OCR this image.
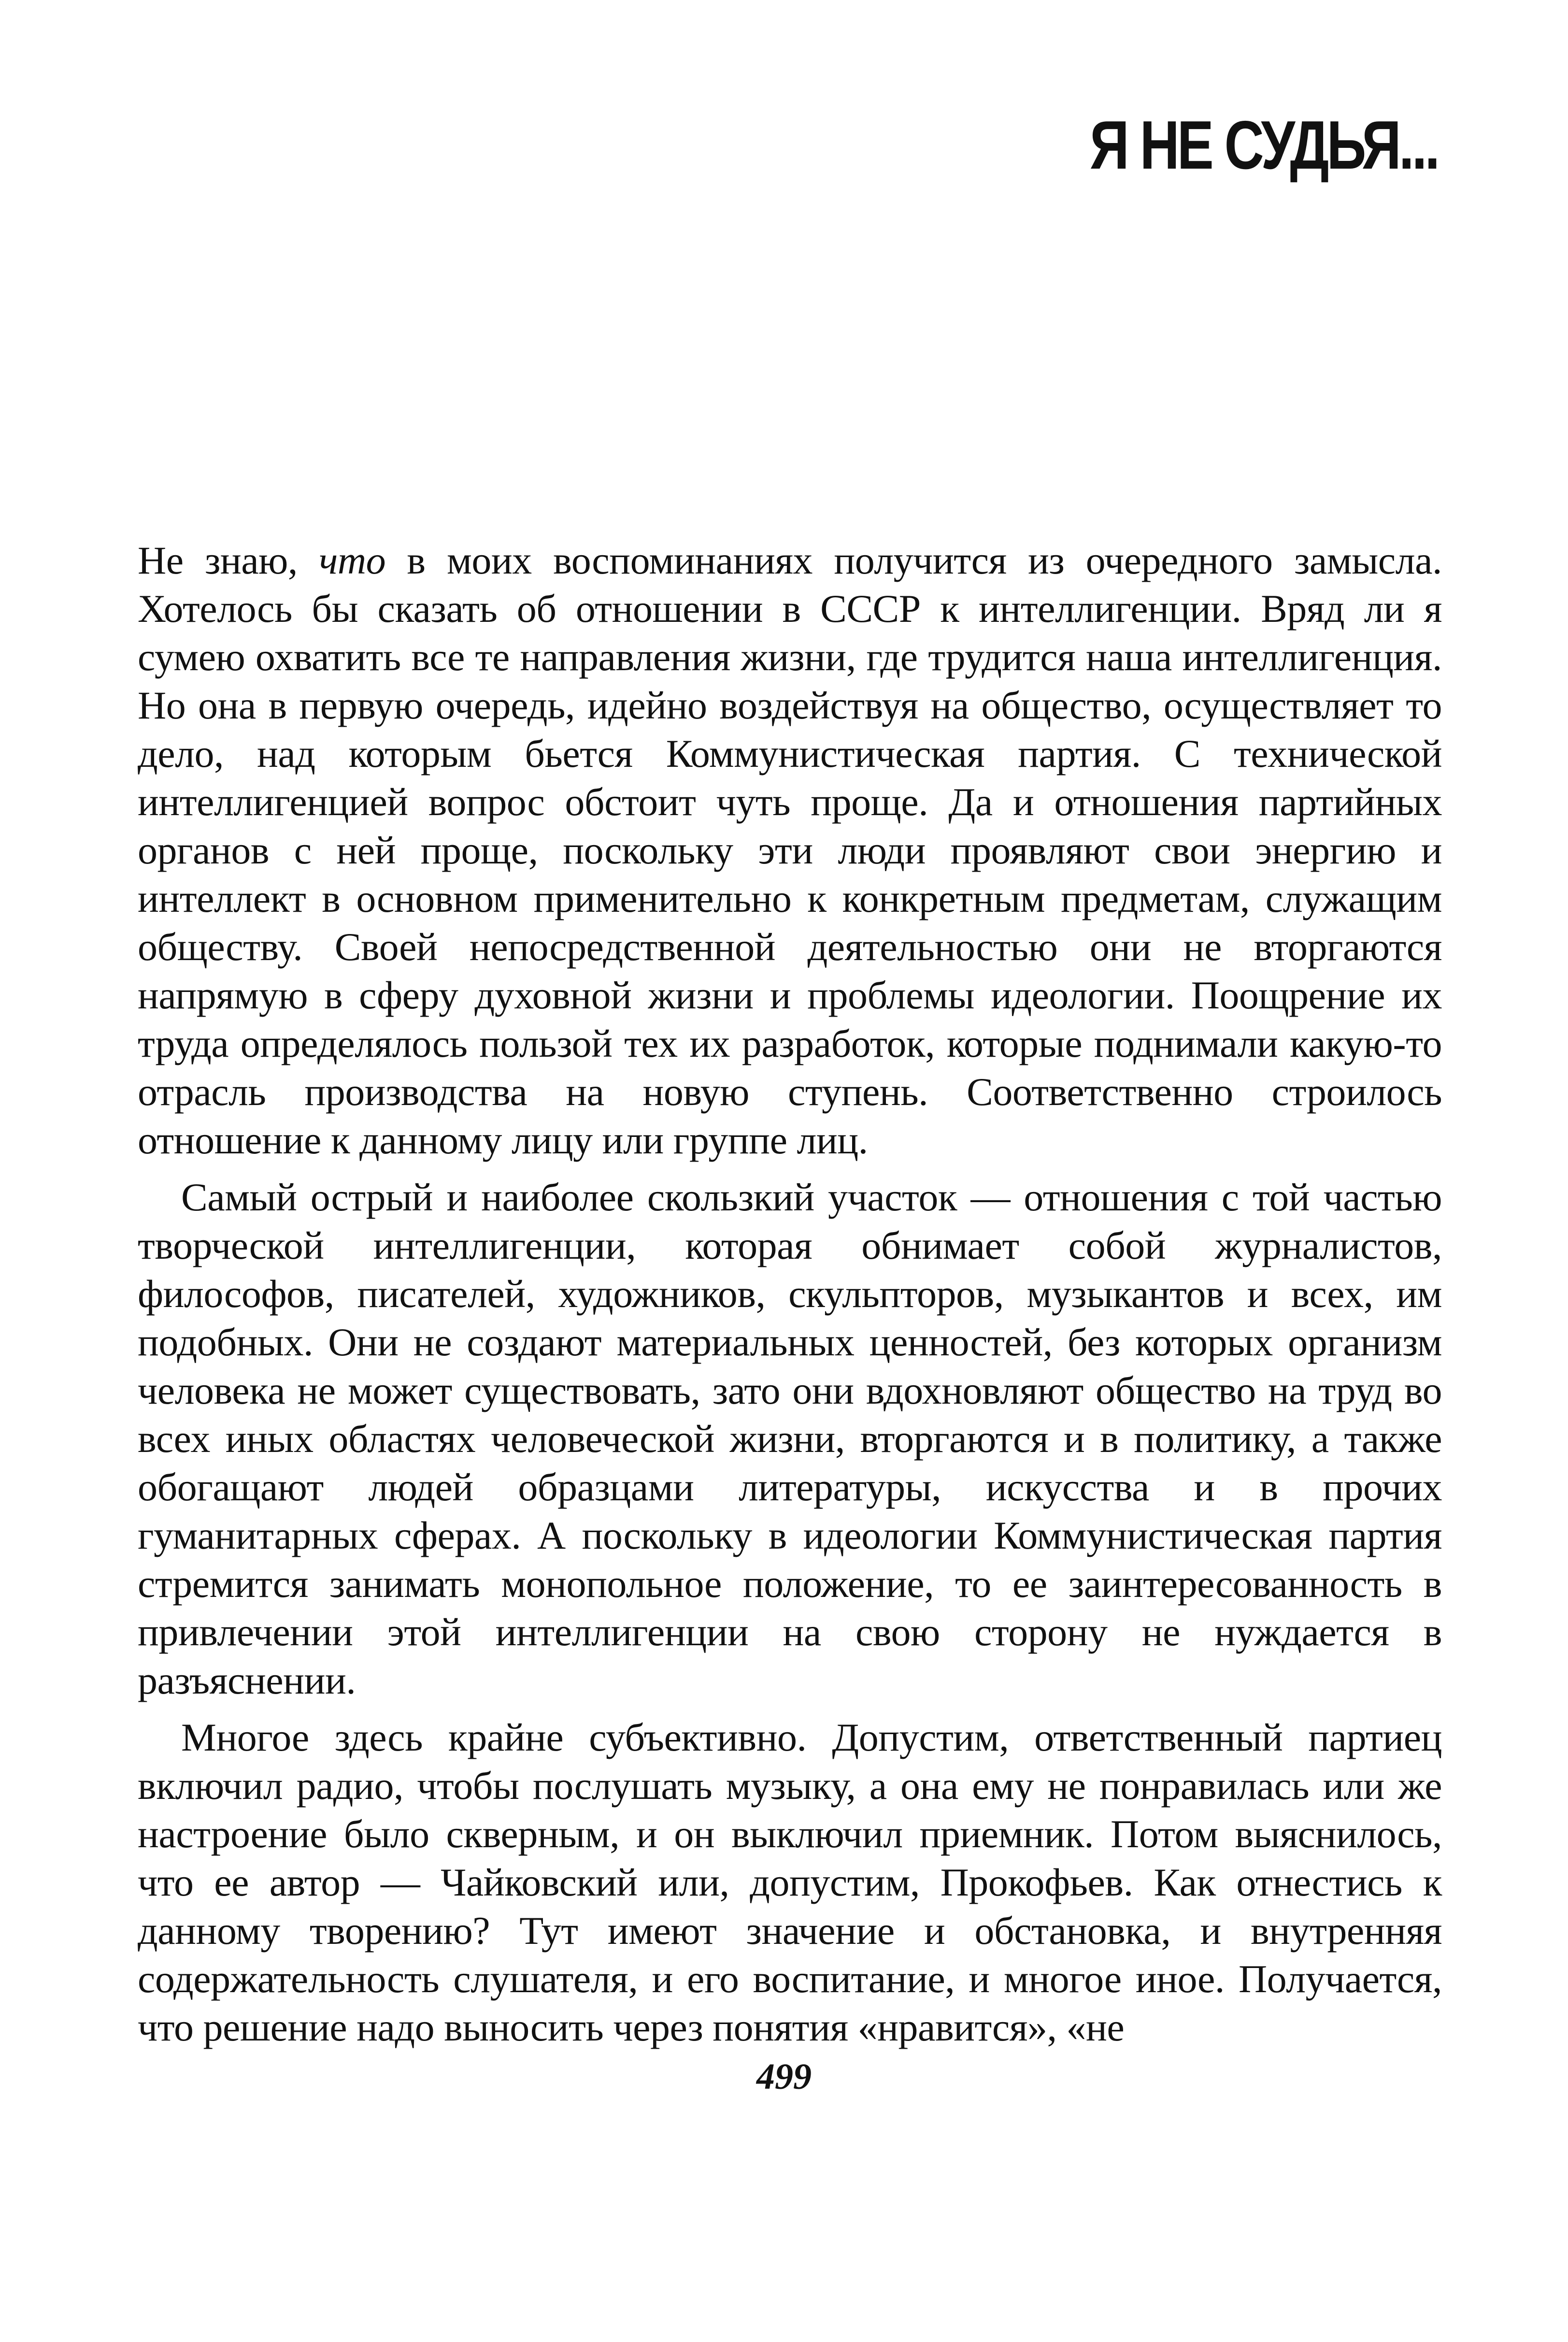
Я НЕ СУДЬЯ...

Не знаю, что в моих воспоминаниях получится из очередного замысла. Хотелось бы сказать об отношении в СССР к интеллигенции. Вряд ли я сумею охватить все те направления жизни, где трудится наша интеллигенция. Но она в первую очередь, идейно воздействуя на общество, осуществляет то дело, над которым бьется Коммунистическая партия. С технической интеллигенцией вопрос обстоит чуть проще. Да и отношения партийных органов с ней проще, поскольку эти люди проявляют свои энергию и интеллект в основном применительно к конкретным предметам, служащим обществу. Своей непосредственной деятельностью они не вторгаются напрямую в сферу духовной жизни и проблемы идеологии. Поощрение их труда определялось пользой тех их разработок, которые поднимали какую-то отрасль производства на новую ступень. Соответственно строилось отношение к данному лицу или группе лиц.

Самый острый и наиболее скользкий участок — отношения с той частью творческой интеллигенции, которая обнимает собой журналистов, философов, писателей, художников, скульпторов, музыкантов и всех, им подобных. Они не создают материальных ценностей, без которых организм человека не может существовать, зато они вдохновляют общество на труд во всех иных областях человеческой жизни, вторгаются и в политику, а также обогащают людей образцами литературы, искусства и в прочих гуманитарных сферах. А поскольку в идеологии Коммунистическая партия стремится занимать монопольное положение, то ее заинтересованность в привлечении этой интеллигенции на свою сторону не нуждается в разъяснении.

Многое здесь крайне субъективно. Допустим, ответственный партиец включил радио, чтобы послушать музыку, а она ему не понравилась или же настроение было скверным, и он выключил приемник. Потом выяснилось, что ее автор — Чайковский или, допустим, Прокофьев. Как отнестись к данному творению? Тут имеют значение и обстановка, и внутренняя содержательность слушателя, и его воспитание, и многое иное. Получается, что решение надо выносить через понятия «нравится», «не

499
